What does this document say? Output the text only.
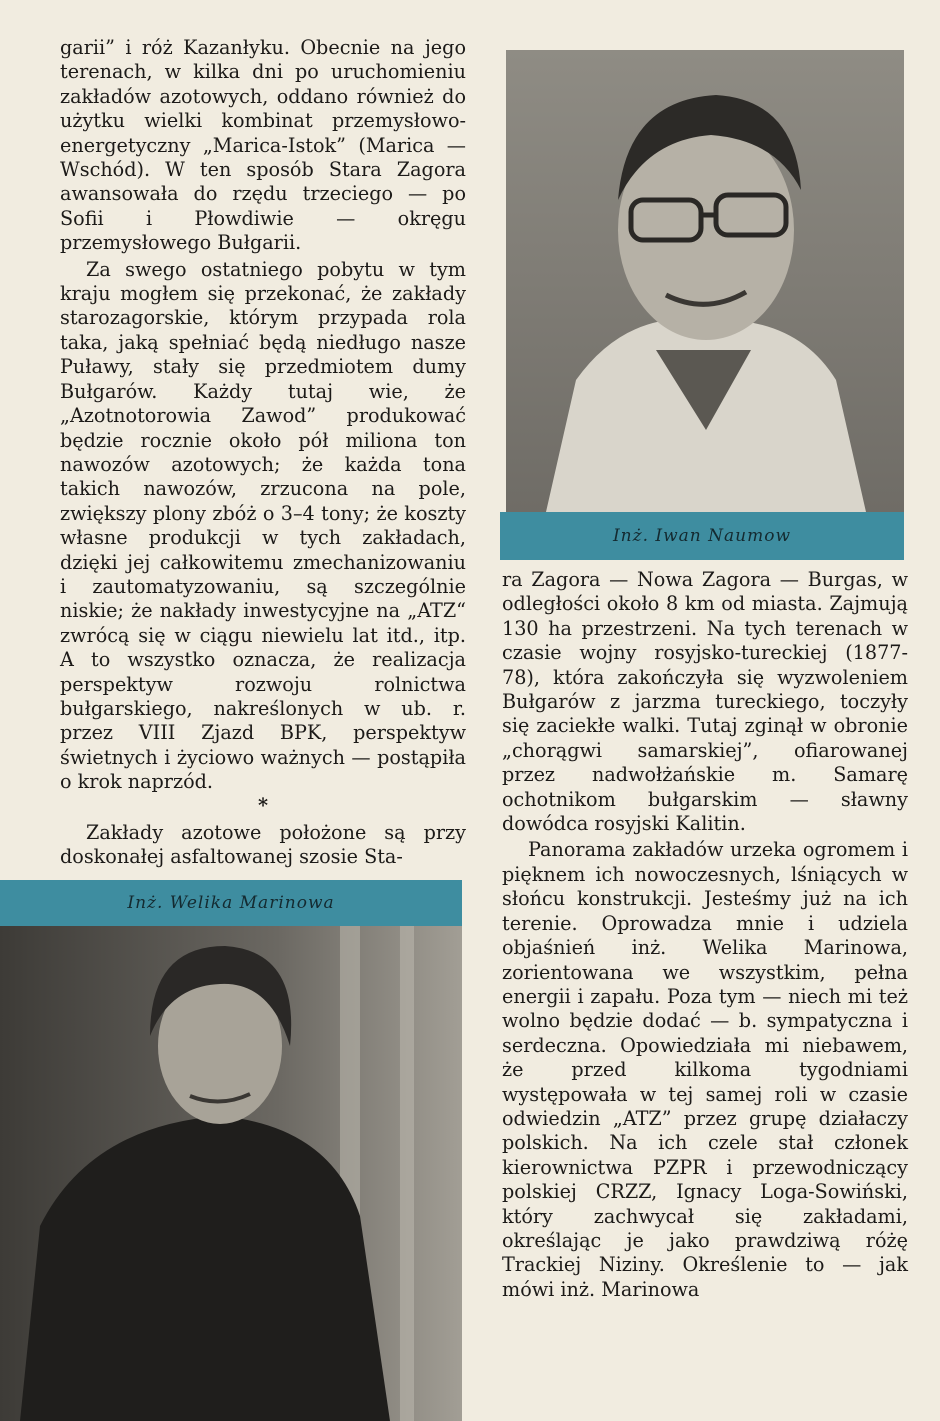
garii” i róż Kazanłyku. Obecnie na jego terenach, w kilka dni po uruchomieniu zakładów azotowych, oddano również do użytku wielki kombinat przemysłowo-energetyczny „Marica-Istok” (Marica — Wschód). W ten sposób Stara Zagora awansowała do rzędu trzeciego — po Sofii i Płowdiwie — okręgu przemysłowego Bułgarii.

Za swego ostatniego pobytu w tym kraju mogłem się przekonać, że zakłady starozagorskie, którym przypada rola taka, jaką spełniać będą niedługo nasze Puławy, stały się przedmiotem dumy Bułgarów. Każdy tutaj wie, że „Azotnotorowia Zawod” produkować będzie rocznie około pół miliona ton nawozów azotowych; że każda tona takich nawozów, zrzucona na pole, zwiększy plony zbóż o 3–4 tony; że koszty własne produkcji w tych zakładach, dzięki jej całkowitemu zmechanizowaniu i zautomatyzowaniu, są szczególnie niskie; że nakłady inwestycyjne na „ATZ“ zwrócą się w ciągu niewielu lat itd., itp. A to wszystko oznacza, że realizacja perspektyw rozwoju rolnictwa bułgarskiego, nakreślonych w ub. r. przez VIII Zjazd BPK, perspektyw świetnych i życiowo ważnych — postąpiła o krok naprzód.

*

Zakłady azotowe położone są przy doskonałej asfaltowanej szosie Sta-

Inż. Iwan Naumow
Inż. Welika Marinowa

ra Zagora — Nowa Zagora — Burgas, w odległości około 8 km od miasta. Zajmują 130 ha przestrzeni. Na tych terenach w czasie wojny rosyjsko-tureckiej (1877-78), która zakończyła się wyzwoleniem Bułgarów z jarzma tureckiego, toczyły się zaciekłe walki. Tutaj zginął w obronie „chorągwi samarskiej”, ofiarowanej przez nadwołżańskie m. Samarę ochotnikom bułgarskim — sławny dowódca rosyjski Kalitin.

Panorama zakładów urzeka ogromem i pięknem ich nowoczesnych, lśniących w słońcu konstrukcji. Jesteśmy już na ich terenie. Oprowadza mnie i udziela objaśnień inż. Welika Marinowa, zorientowana we wszystkim, pełna energii i zapału. Poza tym — niech mi też wolno będzie dodać — b. sympatyczna i serdeczna. Opowiedziała mi niebawem, że przed kilkoma tygodniami występowała w tej samej roli w czasie odwiedzin „ATZ” przez grupę działaczy polskich. Na ich czele stał członek kierownictwa PZPR i przewodniczący polskiej CRZZ, Ignacy Loga-Sowiński, który zachwycał się zakładami, określając je jako prawdziwą różę Trackiej Niziny. Określenie to — jak mówi inż. Marinowa
